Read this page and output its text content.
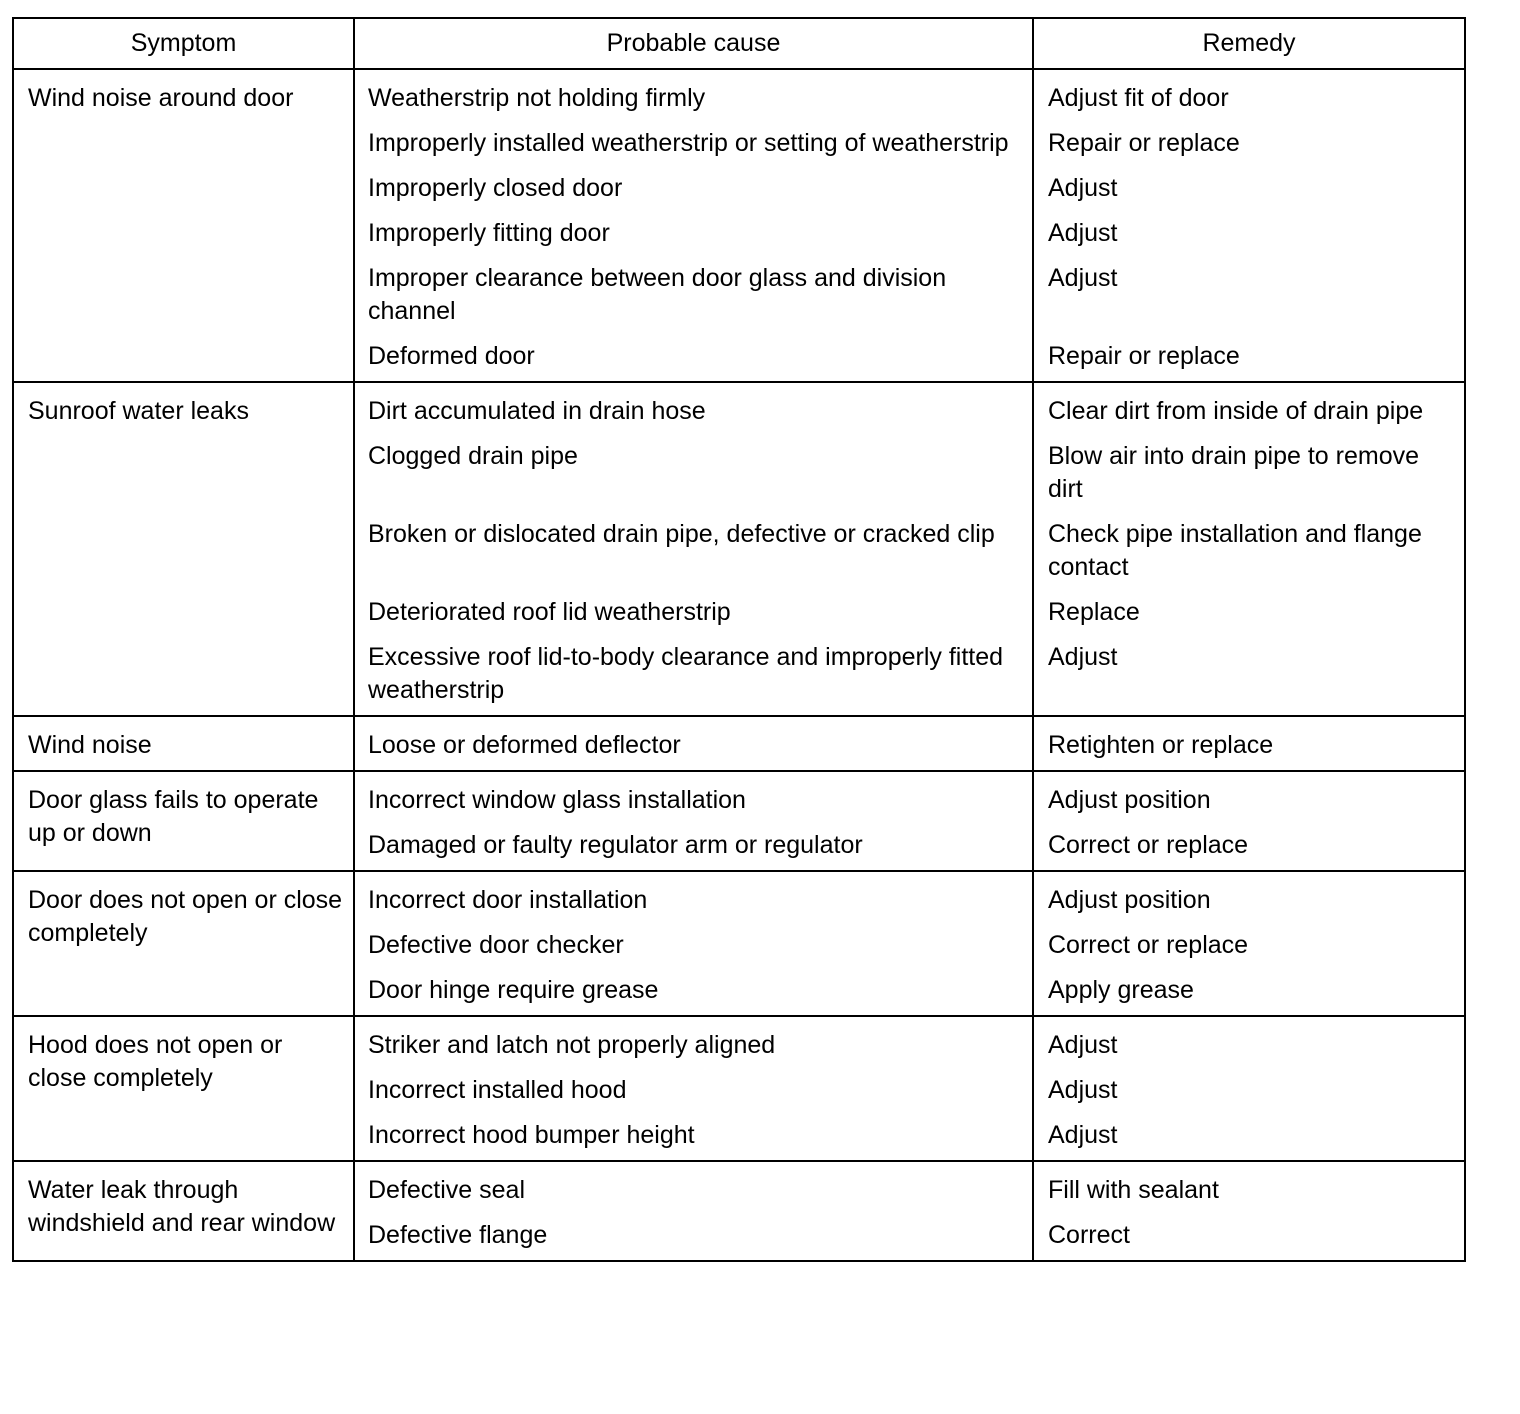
Symptom	Probable cause	Remedy

Wind noise around door	Weatherstrip not holding firmly	Adjust fit of door

	Improperly installed weatherstrip or setting of weatherstrip	Repair or replace

	Improperly closed door	Adjust

	Improperly fitting door	Adjust

	Improper clearance between door glass and division channel	Adjust

	Deformed door	Repair or replace

Sunroof water leaks	Dirt accumulated in drain hose	Clear dirt from inside of drain pipe

	Clogged drain pipe	Blow air into drain pipe to remove dirt

	Broken or dislocated drain pipe, defective or cracked clip	Check pipe installation and flange contact

	Deteriorated roof lid weatherstrip	Replace

	Excessive roof lid-to-body clearance and improperly fitted weatherstrip	Adjust

Wind noise	Loose or deformed deflector	Retighten or replace

Door glass fails to operate up or down	Incorrect window glass installation	Adjust position

	Damaged or faulty regulator arm or regulator	Correct or replace

Door does not open or close completely	Incorrect door installation	Adjust position

	Defective door checker	Correct or replace

	Door hinge require grease	Apply grease

Hood does not open or close completely	Striker and latch not properly aligned	Adjust

	Incorrect installed hood	Adjust

	Incorrect hood bumper height	Adjust

Water leak through windshield and rear window	Defective seal	Fill with sealant

	Defective flange	Correct
